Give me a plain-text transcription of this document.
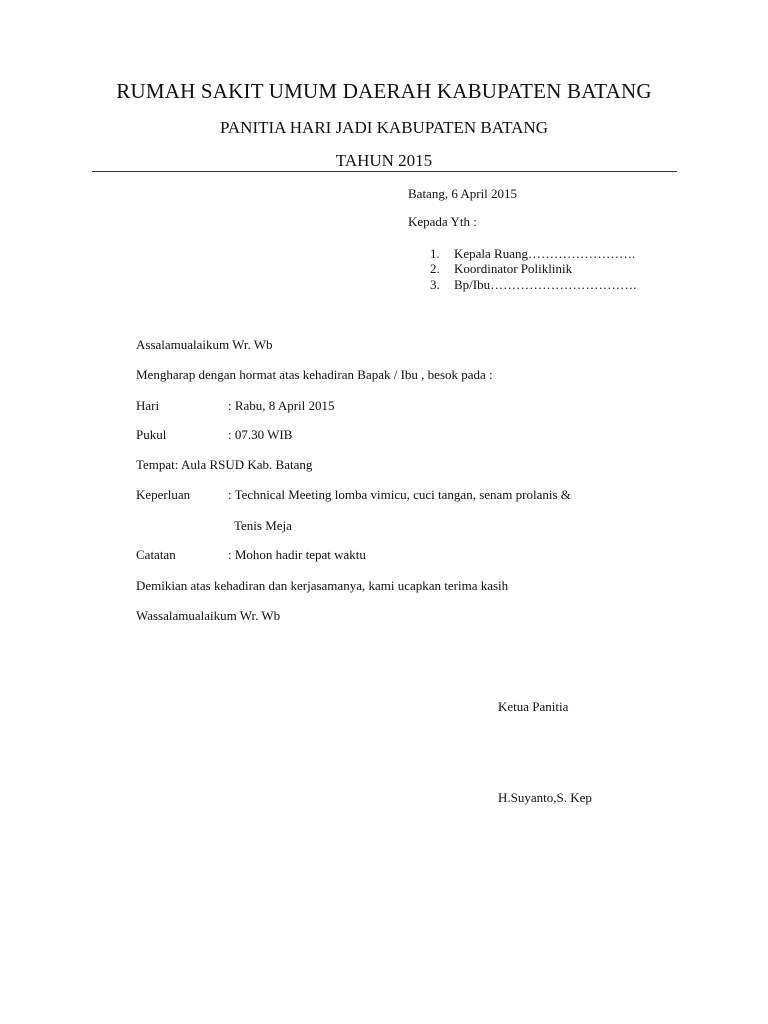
RUMAH SAKIT UMUM DAERAH KABUPATEN BATANG
PANITIA HARI JADI KABUPATEN BATANG
TAHUN 2015
Batang, 6 April 2015
Kepada Yth :
1. Kepala Ruang…………………….
2. Koordinator Poliklinik
3. Bp/Ibu…………………………….
Assalamualaikum Wr. Wb
Mengharap dengan hormat atas kehadiran Bapak / Ibu , besok pada :
Hari	: Rabu, 8 April 2015
Pukul	: 07.30 WIB
Tempat: Aula RSUD Kab. Batang
Keperluan	: Technical Meeting lomba vimicu, cuci tangan, senam prolanis &
Tenis Meja
Catatan	: Mohon hadir tepat waktu
Demikian atas kehadiran dan kerjasamanya, kami ucapkan terima kasih
Wassalamualaikum Wr. Wb
Ketua Panitia
H.Suyanto,S. Kep
